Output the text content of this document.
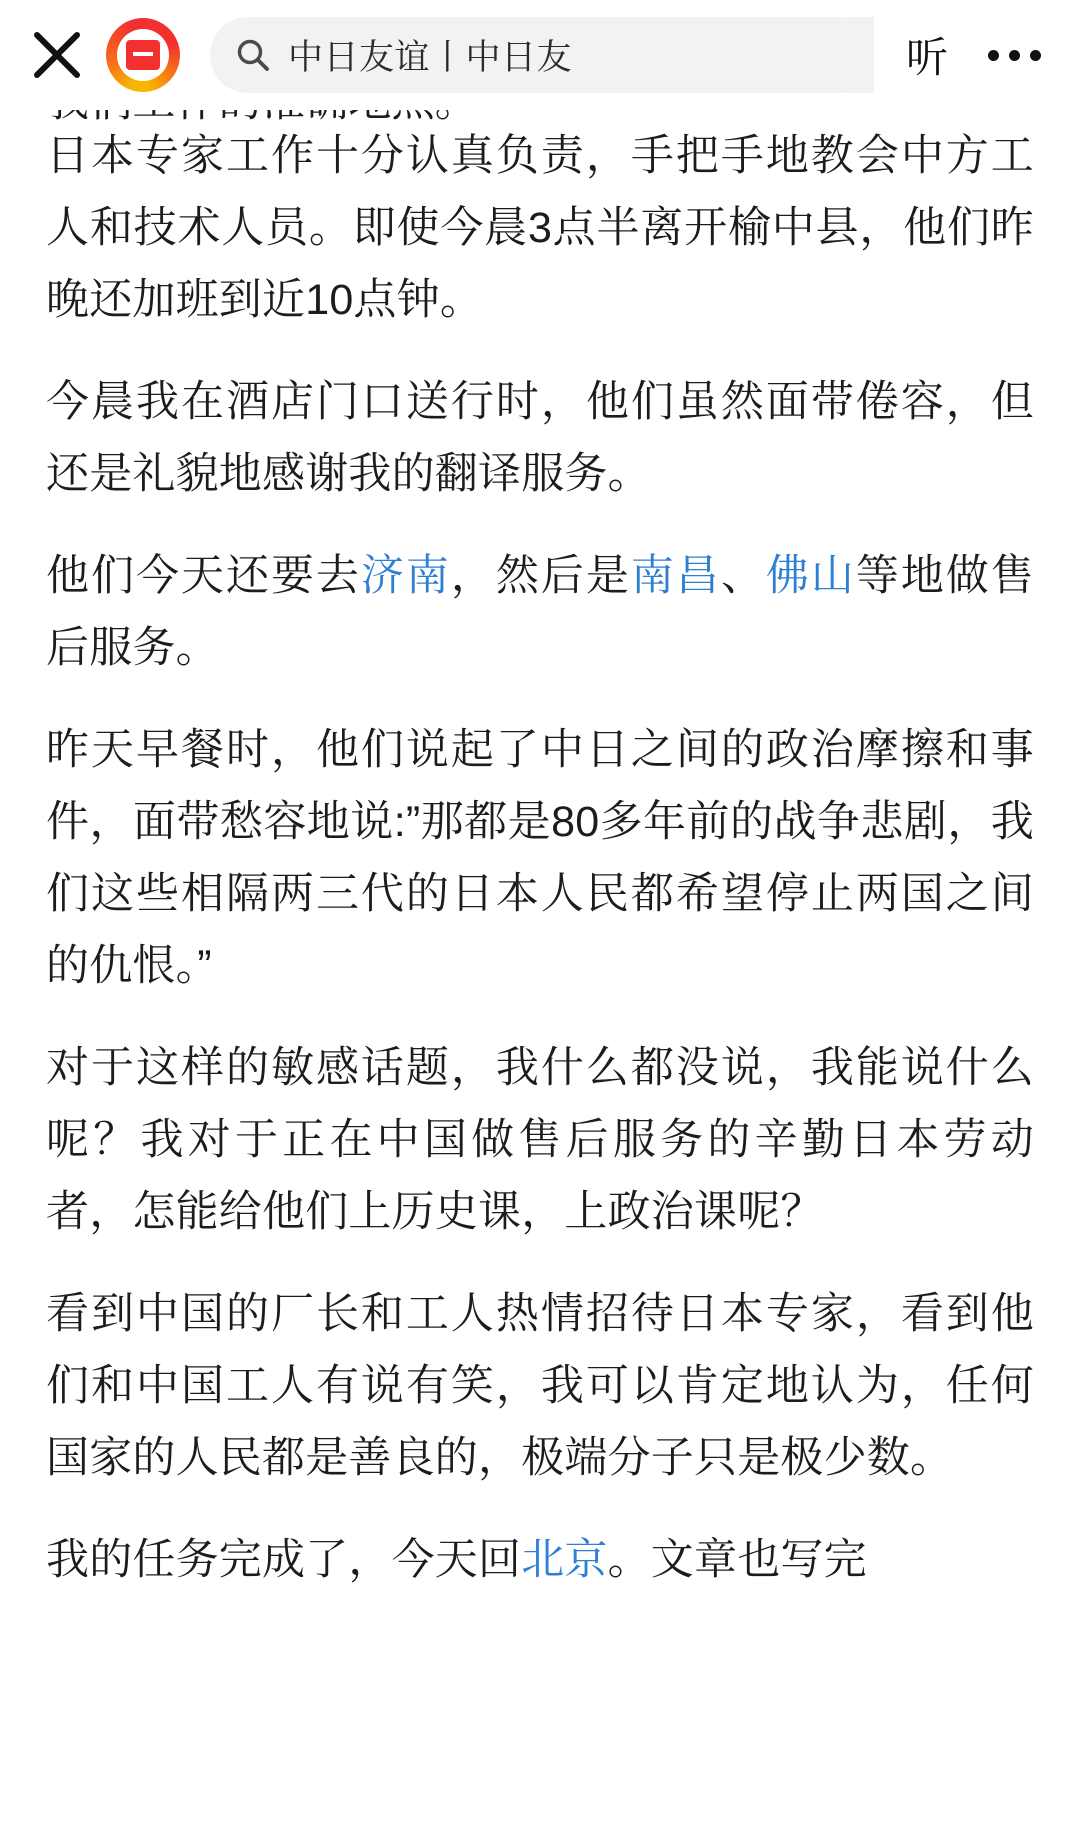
中日友谊丨中日友	听

日本专家工作十分认真负责，手把手地教会中方工人和技术人员。即使今晨3点半离开榆中县，他们昨晚还加班到近10点钟。

今晨我在酒店门口送行时，他们虽然面带倦容，但还是礼貌地感谢我的翻译服务。

他们今天还要去济南，然后是南昌、佛山等地做售后服务。

昨天早餐时，他们说起了中日之间的政治摩擦和事件，面带愁容地说:”那都是80多年前的战争悲剧，我们这些相隔两三代的日本人民都希望停止两国之间的仇恨。”

对于这样的敏感话题，我什么都没说，我能说什么呢？我对于正在中国做售后服务的辛勤日本劳动者，怎能给他们上历史课，上政治课呢？

看到中国的厂长和工人热情招待日本专家，看到他们和中国工人有说有笑，我可以肯定地认为，任何国家的人民都是善良的，极端分子只是极少数。

我的任务完成了，今天回北京。文章也写完
